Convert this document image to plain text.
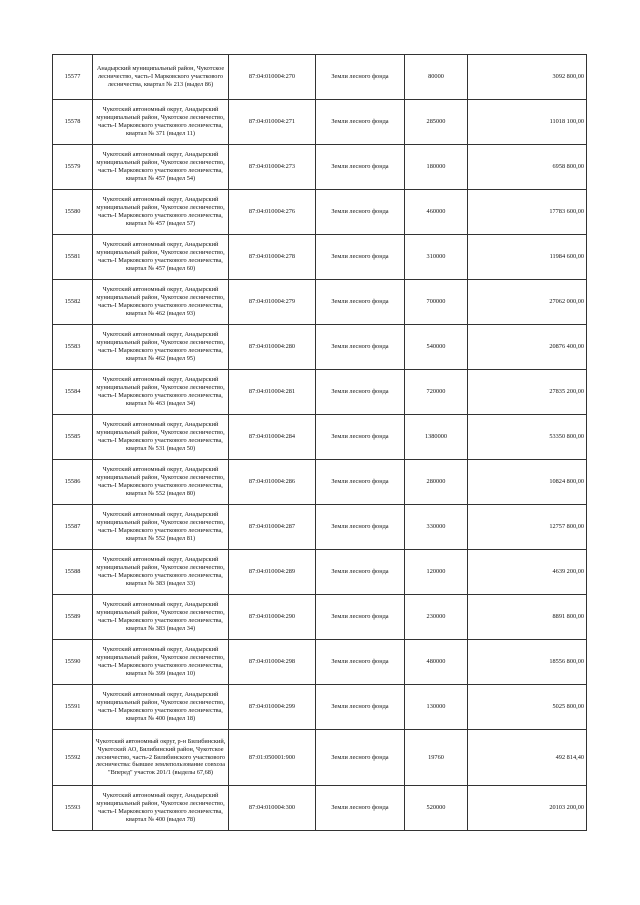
15577	Анадырский муниципальный район, Чукотское лесничество, часть-I Марковского участкового лесничества, квартал № 213 (выдел 86)	87:04:010004:270	Земли лесного фонда	80000	3092 800,00
15578	Чукотский автономный округ, Анадырский муниципальный район, Чукотское лесничество, часть-I Марковского участкового лесничества, квартал № 371 (выдел 11)	87:04:010004:271	Земли лесного фонда	285000	11018 100,00
15579	Чукотский автономный округ, Анадырский муниципальный район, Чукотское лесничество, часть-I Марковского участкового лесничества, квартал № 457 (выдел 54)	87:04:010004:273	Земли лесного фонда	180000	6958 800,00
15580	Чукотский автономный округ, Анадырский муниципальный район, Чукотское лесничество, часть-I Марковского участкового лесничества, квартал № 457 (выдел 57)	87:04:010004:276	Земли лесного фонда	460000	17783 600,00
15581	Чукотский автономный округ, Анадырский муниципальный район, Чукотское лесничество, часть-I Марковского участкового лесничества, квартал № 457 (выдел 60)	87:04:010004:278	Земли лесного фонда	310000	11984 600,00
15582	Чукотский автономный округ, Анадырский муниципальный район, Чукотское лесничество, часть-I Марковского участкового лесничества, квартал № 462 (выдел 93)	87:04:010004:279	Земли лесного фонда	700000	27062 000,00
15583	Чукотский автономный округ, Анадырский муниципальный район, Чукотское лесничество, часть-I Марковского участкового лесничества, квартал № 462 (выдел 95)	87:04:010004:280	Земли лесного фонда	540000	20876 400,00
15584	Чукотский автономный округ, Анадырский муниципальный район, Чукотское лесничество, часть-I Марковского участкового лесничества, квартал № 463 (выдел 34)	87:04:010004:281	Земли лесного фонда	720000	27835 200,00
15585	Чукотский автономный округ, Анадырский муниципальный район, Чукотское лесничество, часть-I Марковского участкового лесничества, квартал № 531 (выдел 50)	87:04:010004:284	Земли лесного фонда	1380000	53350 800,00
15586	Чукотский автономный округ, Анадырский муниципальный район, Чукотское лесничество, часть-I Марковского участкового лесничества, квартал № 552 (выдел 80)	87:04:010004:286	Земли лесного фонда	280000	10824 800,00
15587	Чукотский автономный округ, Анадырский муниципальный район, Чукотское лесничество, часть-I Марковского участкового лесничества, квартал № 552 (выдел 81)	87:04:010004:287	Земли лесного фонда	330000	12757 800,00
15588	Чукотский автономный округ, Анадырский муниципальный район, Чукотское лесничество, часть-I Марковского участкового лесничества, квартал № 383 (выдел 33)	87:04:010004:289	Земли лесного фонда	120000	4639 200,00
15589	Чукотский автономный округ, Анадырский муниципальный район, Чукотское лесничество, часть-I Марковского участкового лесничества, квартал № 383 (выдел 34)	87:04:010004:290	Земли лесного фонда	230000	8891 800,00
15590	Чукотский автономный округ, Анадырский муниципальный район, Чукотское лесничество, часть-I Марковского участкового лесничества, квартал № 399 (выдел 10)	87:04:010004:298	Земли лесного фонда	480000	18556 800,00
15591	Чукотский автономный округ, Анадырский муниципальный район, Чукотское лесничество, часть-I Марковского участкового лесничества, квартал № 400 (выдел 18)	87:04:010004:299	Земли лесного фонда	130000	5025 800,00
15592	Чукотский автономный округ, р-н Билибинский, Чукотский АО, Билибинский район, Чукотское лесничество, часть-2 Билибинского участкового лесничества: бывшее землепользование совхоза "Вперед" участок 201/1 (выделы 67,68)	87:01:050001:900	Земли лесного фонда	19760	492 814,40
15593	Чукотский автономный округ, Анадырский муниципальный район, Чукотское лесничество, часть-I Марковского участкового лесничества, квартал № 400 (выдел 78)	87:04:010004:300	Земли лесного фонда	520000	20103 200,00
